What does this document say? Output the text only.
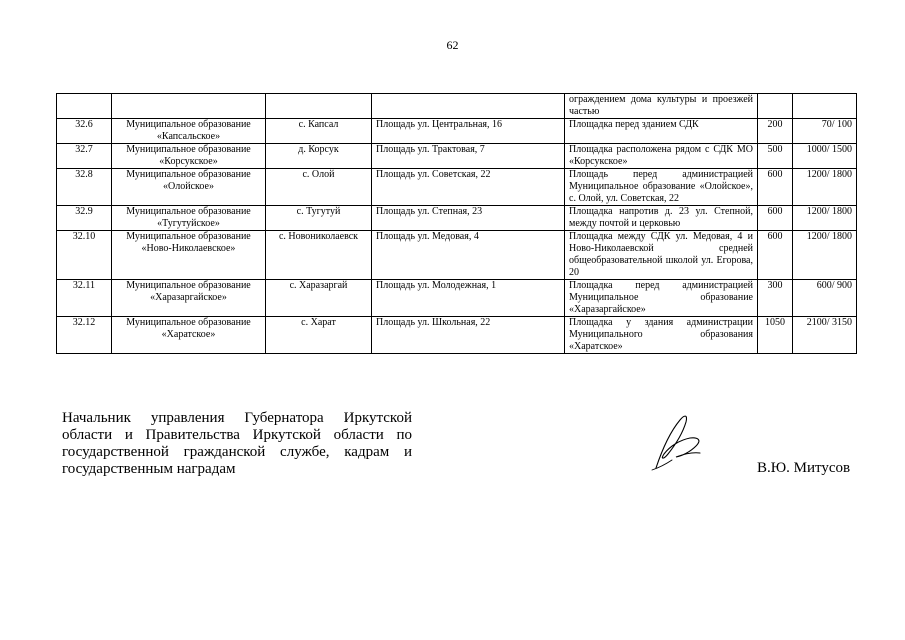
62
				ограждением дома культуры и проезжей частью		
32.6	Муниципальное образование «Капсальское»	с. Капсал	Площадь ул. Центральная, 16	Площадка перед зданием СДК	200	70/ 100
32.7	Муниципальное образование «Корсукское»	д. Корсук	Площадь ул. Трактовая, 7	Площадка расположена рядом с СДК МО «Корсукское»	500	1000/ 1500
32.8	Муниципальное образование «Олойское»	с. Олой	Площадь ул. Советская, 22	Площадь перед администрацией Муниципальное образование «Олойское», с. Олой, ул. Советская, 22	600	1200/ 1800
32.9	Муниципальное образование «Тугутуйское»	с. Тугутуй	Площадь ул. Степная, 23	Площадка напротив д. 23 ул. Степной, между почтой и церковью	600	1200/ 1800
32.10	Муниципальное образование «Ново-Николаевское»	с. Новониколаевск	Площадь ул. Медовая, 4	Площадка между СДК ул. Медовая, 4 и Ново-Николаевской средней общеобразовательной школой ул. Егорова, 20	600	1200/ 1800
32.11	Муниципальное образование «Харазаргайское»	с. Харазаргай	Площадь ул. Молодежная, 1	Площадка перед администрацией Муниципальное образование «Харазаргайское»	300	600/ 900
32.12	Муниципальное образование «Харатское»	с. Харат	Площадь ул. Школьная, 22	Площадка у здания администрации Муниципального образования «Харатское»	1050	2100/ 3150
Начальник управления Губернатора Иркутской области и Правительства Иркутской области по государственной гражданской службе, кадрам и государственным наградам	В.Ю. Митусов
